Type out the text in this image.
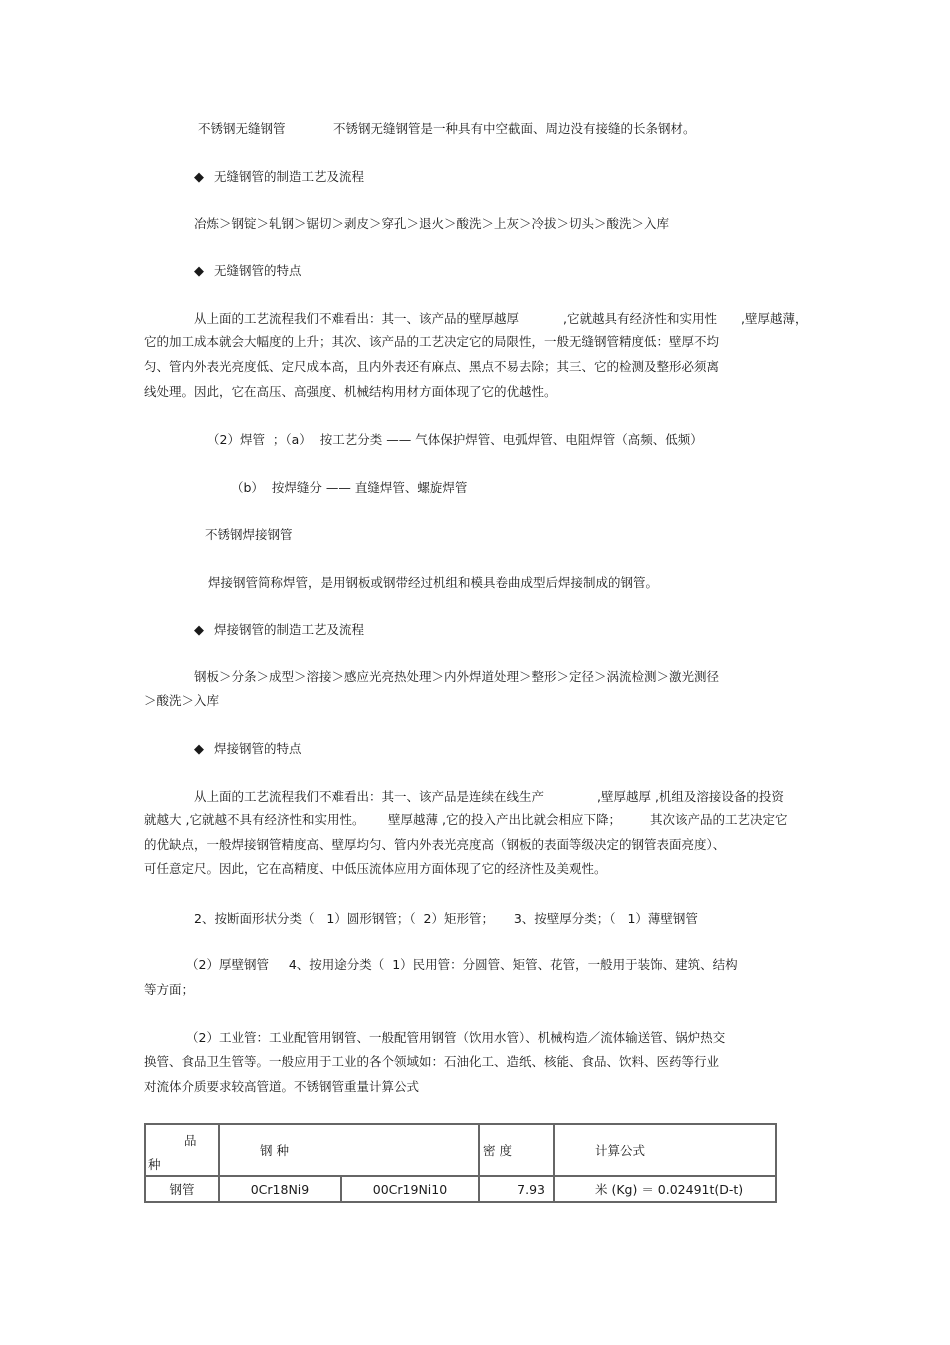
不锈钢无缝钢管	不锈钢无缝钢管是一种具有中空截面、周边没有接缝的长条钢材。
◆ 无缝钢管的制造工艺及流程
冶炼＞钢锭＞轧钢＞锯切＞剥皮＞穿孔＞退火＞酸洗＞上灰＞冷拔＞切头＞酸洗＞入库
◆ 无缝钢管的特点
从上面的工艺流程我们不难看出：其一、该产品的壁厚越厚	,它就越具有经济性和实用性 ,壁厚越薄，
它的加工成本就会大幅度的上升；其次、该产品的工艺决定它的局限性，一般无缝钢管精度低：壁厚不均
匀、管内外表光亮度低、定尺成本高，且内外表还有麻点、黑点不易去除；其三、它的检测及整形必须离
线处理。因此，它在高压、高强度、机械结构用材方面体现了它的优越性。
（2）焊管  ；（a）  按工艺分类 —— 气体保护焊管、电弧焊管、电阻焊管（高频、低频）
（b）  按焊缝分 —— 直缝焊管、螺旋焊管
不锈钢焊接钢管
焊接钢管简称焊管，是用钢板或钢带经过机组和模具卷曲成型后焊接制成的钢管。
◆ 焊接钢管的制造工艺及流程
钢板＞分条＞成型＞溶接＞感应光亮热处理＞内外焊道处理＞整形＞定径＞涡流检测＞激光测径
＞酸洗＞入库
◆ 焊接钢管的特点
从上面的工艺流程我们不难看出：其一、该产品是连续在线生产	,壁厚越厚 ,机组及溶接设备的投资
就越大 ,它就越不具有经济性和实用性。 壁厚越薄 ,它的投入产出比就会相应下降； 其次该产品的工艺决定它
的优缺点，一般焊接钢管精度高、壁厚均匀、管内外表光亮度高（钢板的表面等级决定的钢管表面亮度）、
可任意定尺。因此，它在高精度、中低压流体应用方面体现了它的经济性及美观性。
2、按断面形状分类（   1）圆形钢管；（  2）矩形管；     3、按壁厚分类；（   1）薄壁钢管
（2）厚壁钢管     4、按用途分类（  1）民用管：分圆管、矩管、花管，一般用于装饰、建筑、结构
等方面；
（2）工业管：工业配管用钢管、一般配管用钢管（饮用水管）、机械构造／流体输送管、锅炉热交
换管、食品卫生管等。一般应用于工业的各个领域如：石油化工、造纸、核能、食品、饮料、医药等行业
对流体介质要求较高管道。不锈钢管重量计算公式
品
种	钢 种		密 度	计算公式
钢管	0Cr18Ni9	00Cr19Ni10	7.93	米 (Kg) ＝ 0.02491t(D-t)
